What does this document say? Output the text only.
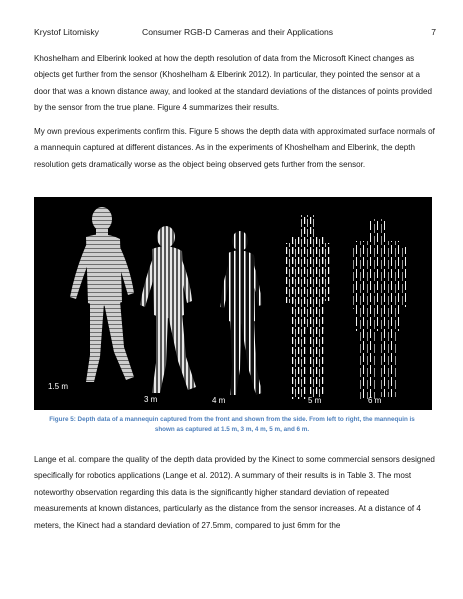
Krystof Litomisky	Consumer RGB-D Cameras and their Applications	7

Khoshelham and Elberink looked at how the depth resolution of data from the Microsoft Kinect changes as objects get further from the sensor (Khoshelham & Elberink 2012). In particular, they pointed the sensor at a door that was a known distance away, and looked at the standard deviations of the distances of points provided by the sensor from the true plane. Figure 4 summarizes their results.

My own previous experiments confirm this. Figure 5 shows the depth data with approximated surface normals of a mannequin captured at different distances. As in the experiments of Khoshelham and Elberink, the depth resolution gets dramatically worse as the object being observed gets further from the sensor.

1.5 m
3 m	4 m	5 m	6 m
Figure 5: Depth data of a mannequin captured from the front and shown from the side. From left to right, the mannequin is shown as captured at 1.5 m, 3 m, 4 m, 5 m, and 6 m.

Lange et al. compare the quality of the depth data provided by the Kinect to some commercial sensors designed specifically for robotics applications (Lange et al. 2012). A summary of their results is in Table 3. The most noteworthy observation regarding this data is the significantly higher standard deviation of repeated measurements at known distances, particularly as the distance from the sensor increases. At a distance of 4 meters, the Kinect had a standard deviation of 27.5mm, compared to just 6mm for the
